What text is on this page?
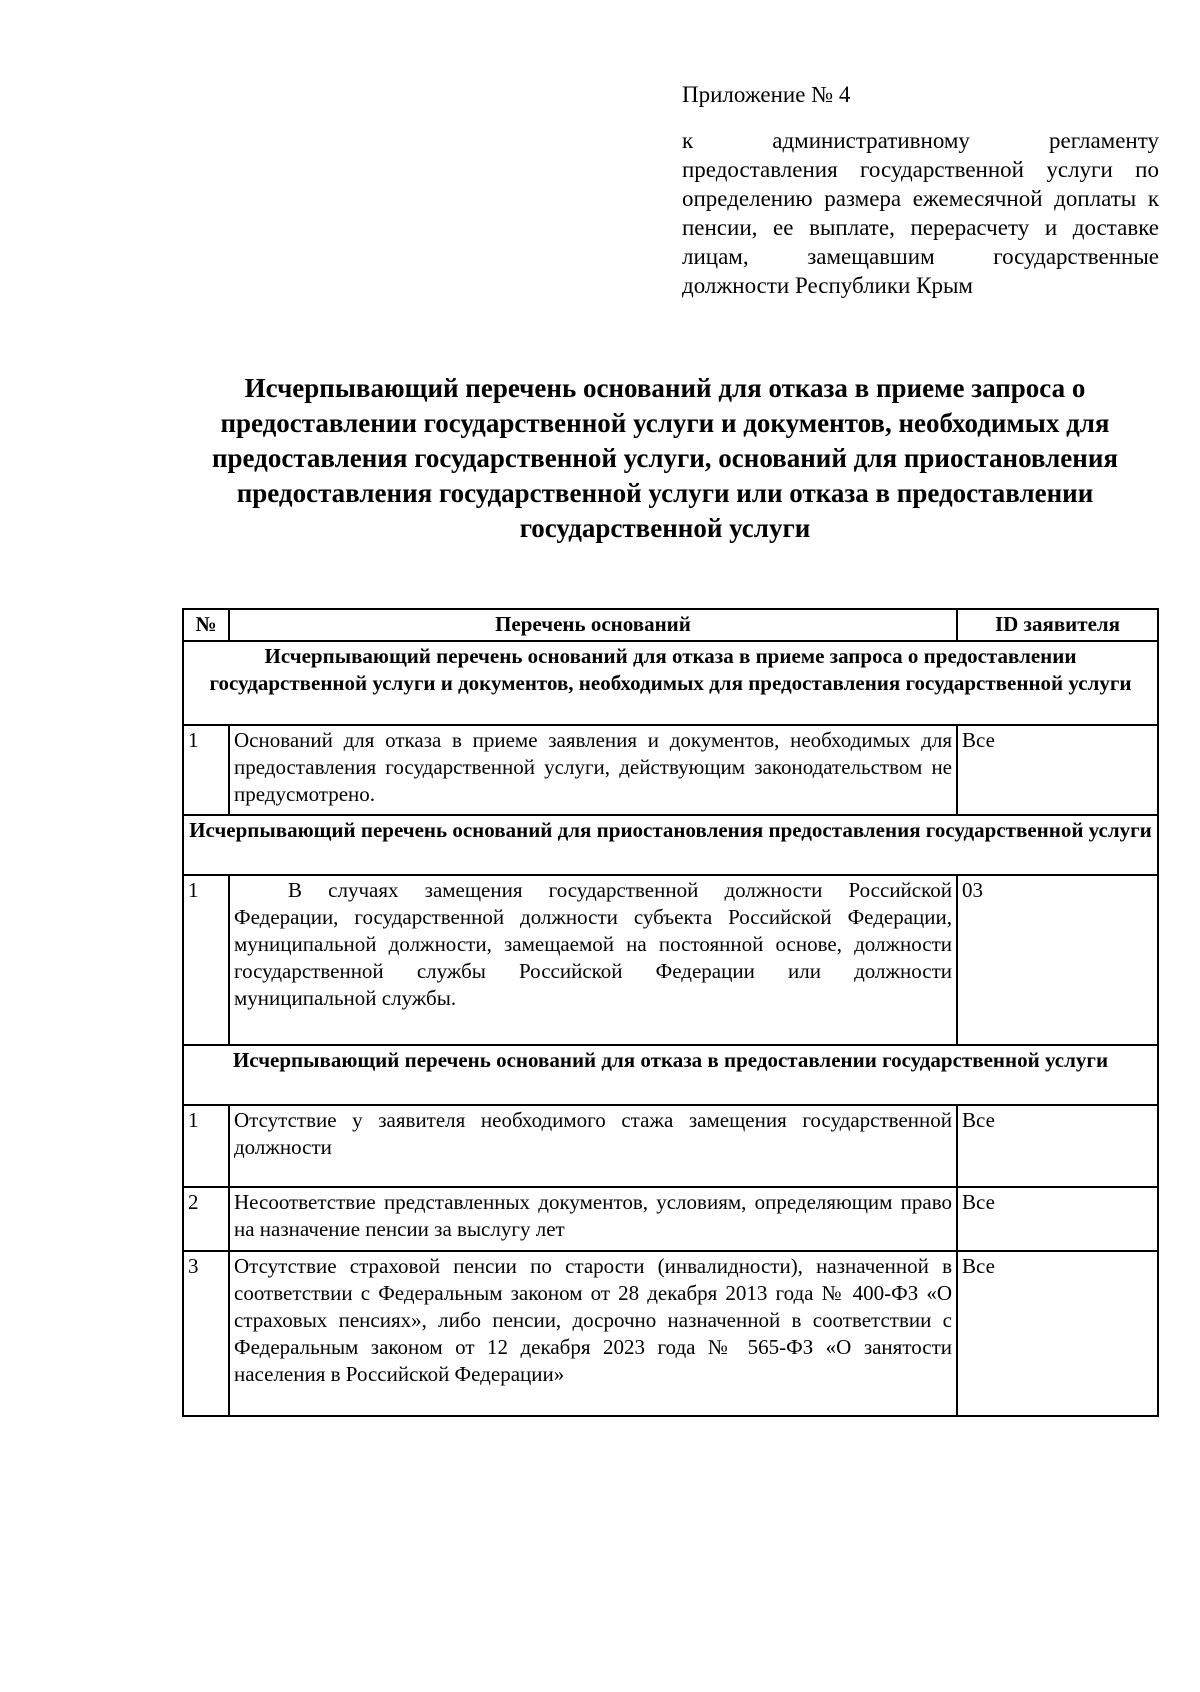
Приложение № 4
к административному регламенту предоставления государственной услуги по определению размера ежемесячной доплаты к пенсии, ее выплате, перерасчету и доставке лицам, замещавшим государственные должности Республики Крым
Исчерпывающий перечень оснований для отказа в приеме запроса о предоставлении государственной услуги и документов, необходимых для предоставления государственной услуги, оснований для приостановления предоставления государственной услуги или отказа в предоставлении государственной услуги
№	Перечень оснований	ID заявителя
Исчерпывающий перечень оснований для отказа в приеме запроса о предоставлении государственной услуги и документов, необходимых для предоставления государственной услуги		
1	Оснований для отказа в приеме заявления и документов, необходимых для предоставления государственной услуги, действующим законодательством не предусмотрено.	Все
Исчерпывающий перечень оснований для приостановления предоставления государственной услуги		
1	В случаях замещения государственной должности Российской Федерации, государственной должности субъекта Российской Федерации, муниципальной должности, замещаемой на постоянной основе, должности государственной службы Российской Федерации или должности муниципальной службы.	03
Исчерпывающий перечень оснований для отказа в предоставлении государственной услуги		
1	Отсутствие у заявителя необходимого стажа замещения государственной должности	Все
2	Несоответствие представленных документов, условиям, определяющим право на назначение пенсии за выслугу лет	Все
3	Отсутствие страховой пенсии по старости (инвалидности), назначенной в соответствии с Федеральным законом от 28 декабря 2013 года № 400-ФЗ «О страховых пенсиях», либо пенсии, досрочно назначенной в соответствии с Федеральным законом от 12 декабря 2023 года № 565-ФЗ «О занятости населения в Российской Федерации»	Все
